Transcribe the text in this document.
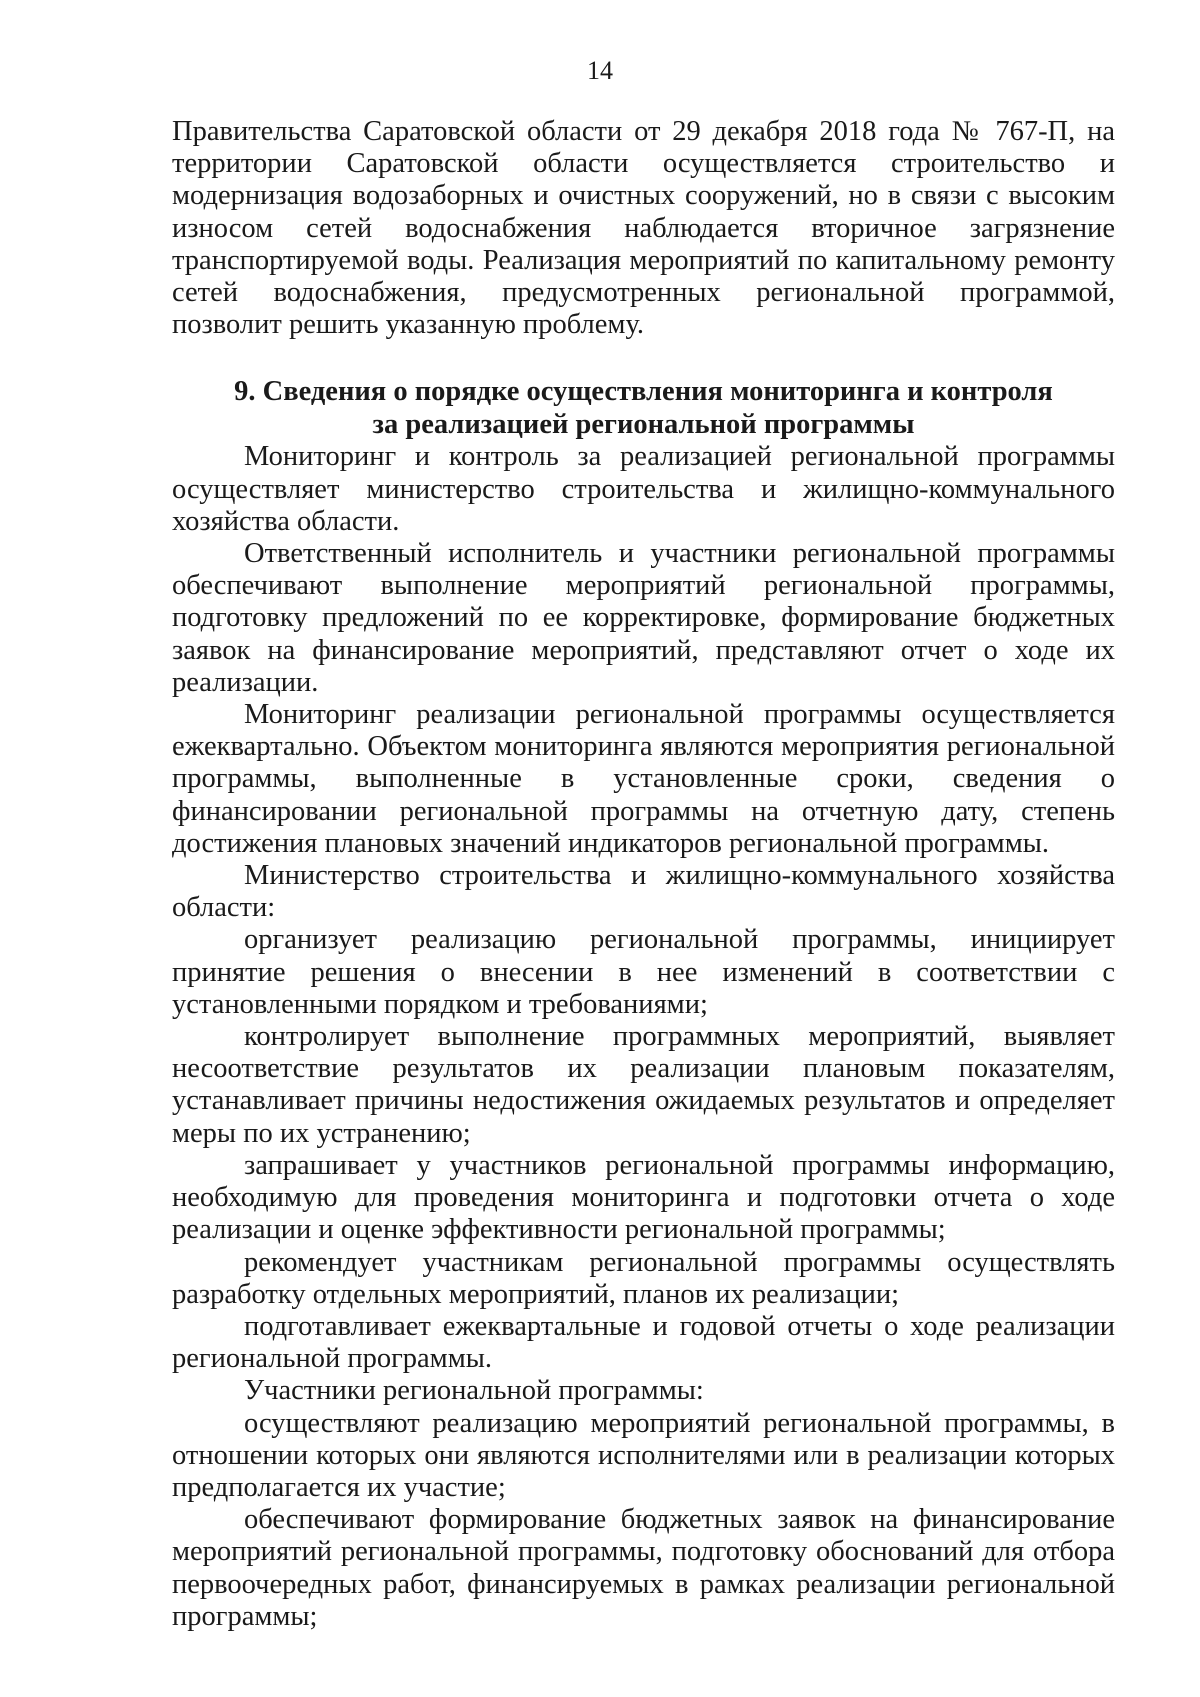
14

Правительства Саратовской области от 29 декабря 2018 года № 767-П, на территории Саратовской области осуществляется строительство и модернизация водозаборных и очистных сооружений, но в связи с высоким износом сетей водоснабжения наблюдается вторичное загрязнение транспортируемой воды. Реализация мероприятий по капитальному ремонту сетей водоснабжения, предусмотренных региональной программой, позволит решить указанную проблему.

9. Сведения о порядке осуществления мониторинга и контроля
за реализацией региональной программы

Мониторинг и контроль за реализацией региональной программы осуществляет министерство строительства и жилищно-коммунального хозяйства области.

Ответственный исполнитель и участники региональной программы обеспечивают выполнение мероприятий региональной программы, подготовку предложений по ее корректировке, формирование бюджетных заявок на финансирование мероприятий, представляют отчет о ходе их реализации.

Мониторинг реализации региональной программы осуществляется ежеквартально. Объектом мониторинга являются мероприятия региональной программы, выполненные в установленные сроки, сведения о финансировании региональной программы на отчетную дату, степень достижения плановых значений индикаторов региональной программы.

Министерство строительства и жилищно-коммунального хозяйства области:

организует реализацию региональной программы, инициирует принятие решения о внесении в нее изменений в соответствии с установленными порядком и требованиями;

контролирует выполнение программных мероприятий, выявляет несоответствие результатов их реализации плановым показателям, устанавливает причины недостижения ожидаемых результатов и определяет меры по их устранению;

запрашивает у участников региональной программы информацию, необходимую для проведения мониторинга и подготовки отчета о ходе реализации и оценке эффективности региональной программы;

рекомендует участникам региональной программы осуществлять разработку отдельных мероприятий, планов их реализации;

подготавливает ежеквартальные и годовой отчеты о ходе реализации региональной программы.

Участники региональной программы:

осуществляют реализацию мероприятий региональной программы, в отношении которых они являются исполнителями или в реализации которых предполагается их участие;

обеспечивают формирование бюджетных заявок на финансирование мероприятий региональной программы, подготовку обоснований для отбора первоочередных работ, финансируемых в рамках реализации региональной программы;
